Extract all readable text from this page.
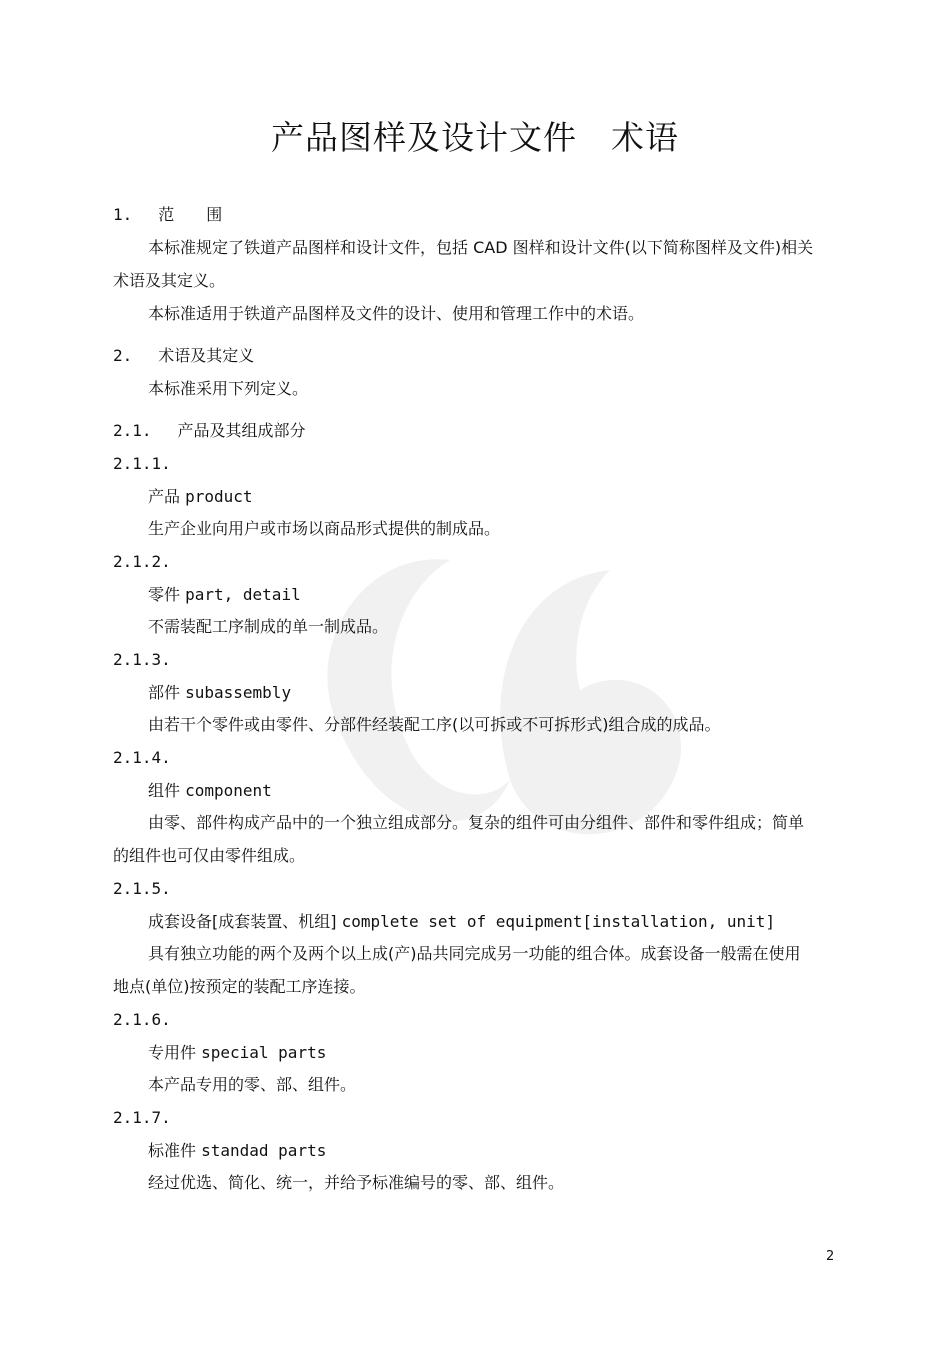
产品图样及设计文件　术语
1. 范　　围
本标准规定了铁道产品图样和设计文件，包括 CAD 图样和设计文件(以下简称图样及文件)相关
术语及其定义。
本标准适用于铁道产品图样及文件的设计、使用和管理工作中的术语。
2. 术语及其定义
本标准采用下列定义。
2.1. 产品及其组成部分
2.1.1.
产品 product
生产企业向用户或市场以商品形式提供的制成品。
2.1.2.
零件 part, detail
不需装配工序制成的单一制成品。
2.1.3.
部件 subassembly
由若干个零件或由零件、分部件经装配工序(以可拆或不可拆形式)组合成的成品。
2.1.4.
组件 component
由零、部件构成产品中的一个独立组成部分。复杂的组件可由分组件、部件和零件组成；简单
的组件也可仅由零件组成。
2.1.5.
成套设备[成套装置、机组] complete set of equipment[installation, unit]
具有独立功能的两个及两个以上成(产)品共同完成另一功能的组合体。成套设备一般需在使用
地点(单位)按预定的装配工序连接。
2.1.6.
专用件 special parts
本产品专用的零、部、组件。
2.1.7.
标准件 standad parts
经过优选、简化、统一，并给予标准编号的零、部、组件。
2
